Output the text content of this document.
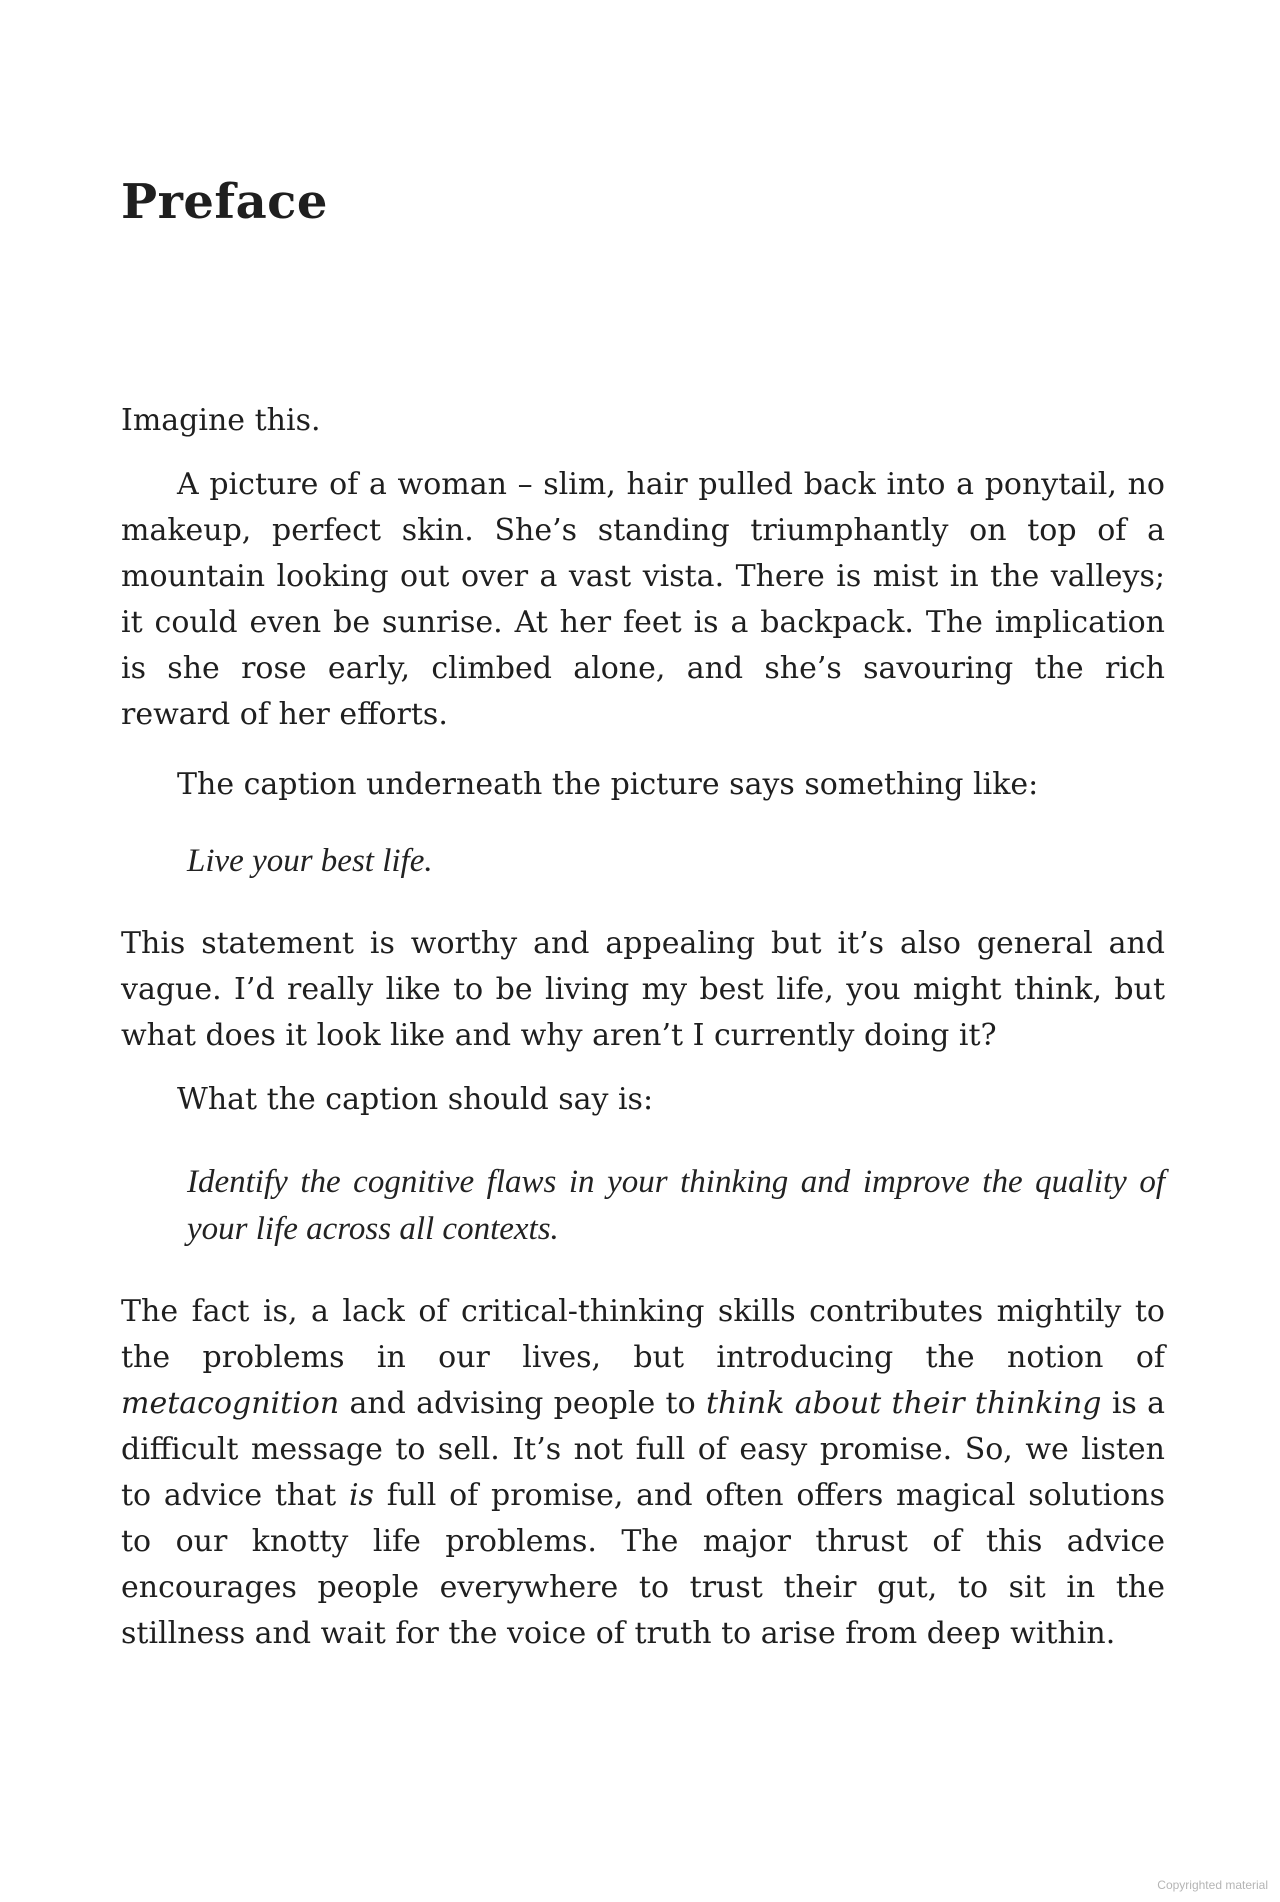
Preface

Imagine this.

A picture of a woman – slim, hair pulled back into a ponytail, no makeup, perfect skin. She’s standing triumphantly on top of a mountain looking out over a vast vista. There is mist in the valleys; it could even be sunrise. At her feet is a backpack. The implication is she rose early, climbed alone, and she’s savouring the rich reward of her efforts.

The caption underneath the picture says something like:

Live your best life.

This statement is worthy and appealing but it’s also general and vague. I’d really like to be living my best life, you might think, but what does it look like and why aren’t I currently doing it?

What the caption should say is:

Identify the cognitive flaws in your thinking and improve the quality of your life across all contexts.

The fact is, a lack of critical-thinking skills contributes mightily to the problems in our lives, but introducing the notion of metacognition and advising people to think about their thinking is a difficult message to sell. It’s not full of easy promise. So, we listen to advice that is full of promise, and often offers magical solutions to our knotty life problems. The major thrust of this advice encourages people everywhere to trust their gut, to sit in the stillness and wait for the voice of truth to arise from deep within.

Copyrighted material
